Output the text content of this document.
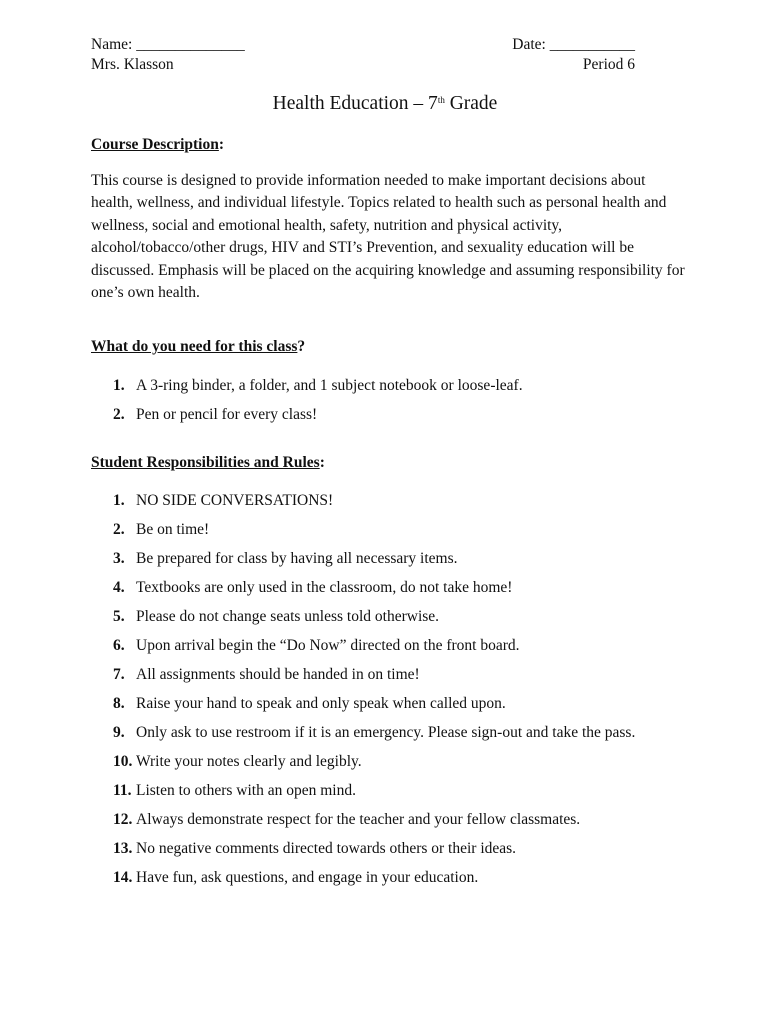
Name: ______________
Mrs. Klasson
Date: ___________
Period 6
Health Education – 7th Grade
Course Description:
This course is designed to provide information needed to make important decisions about health, wellness, and individual lifestyle. Topics related to health such as personal health and wellness, social and emotional health, safety, nutrition and physical activity, alcohol/tobacco/other drugs, HIV and STI’s Prevention, and sexuality education will be discussed. Emphasis will be placed on the acquiring knowledge and assuming responsibility for one’s own health.
What do you need for this class?
1. A 3-ring binder, a folder, and 1 subject notebook or loose-leaf.
2. Pen or pencil for every class!
Student Responsibilities and Rules:
1. NO SIDE CONVERSATIONS!
2. Be on time!
3. Be prepared for class by having all necessary items.
4. Textbooks are only used in the classroom, do not take home!
5. Please do not change seats unless told otherwise.
6. Upon arrival begin the “Do Now” directed on the front board.
7. All assignments should be handed in on time!
8. Raise your hand to speak and only speak when called upon.
9. Only ask to use restroom if it is an emergency. Please sign-out and take the pass.
10. Write your notes clearly and legibly.
11. Listen to others with an open mind.
12. Always demonstrate respect for the teacher and your fellow classmates.
13. No negative comments directed towards others or their ideas.
14. Have fun, ask questions, and engage in your education.
